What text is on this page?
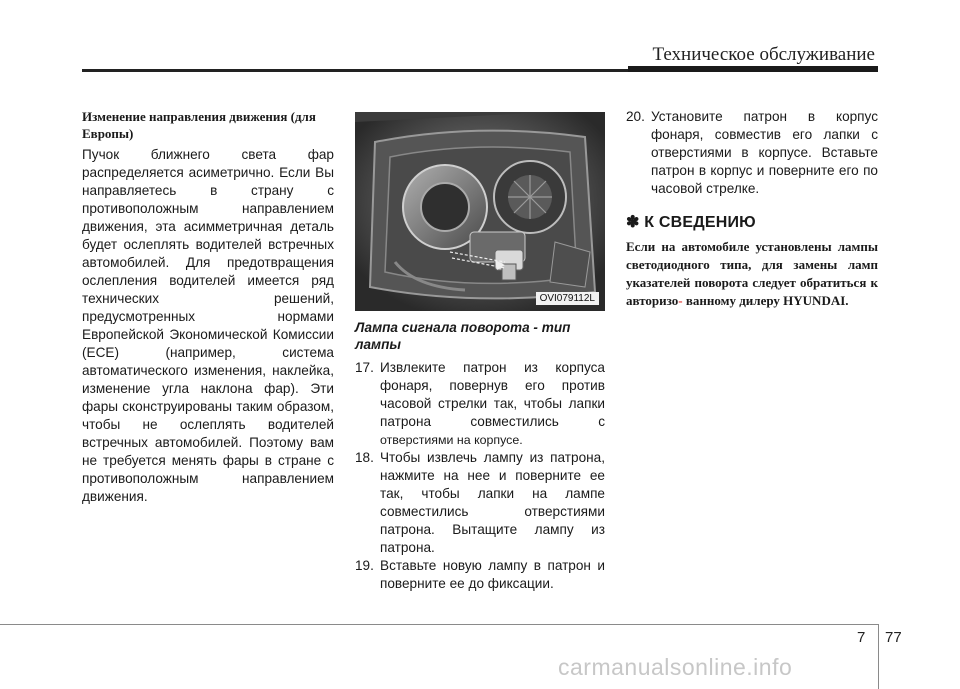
Техническое обслуживание

Изменение направления движения (для Европы)

Пучок ближнего света фар распределяется асиметрично. Если Вы направляетесь в страну с противоположным направлением движения, эта асимметричная деталь будет ослеплять водителей встречных автомобилей. Для предотвращения ослепления водителей имеется ряд технических решений, предусмотренных нормами Европейской Экономической Комиссии (ECE) (например, система автоматического изменения, наклейка, изменение угла наклона фар). Эти фары сконструированы таким образом, чтобы не ослеплять водителей встречных автомобилей. Поэтому вам не требуется менять фары в стране с противоположным направлением движения.

OVI079112L
Лампа сигнала поворота - тип лампы
17. Извлеките патрон из корпуса фонаря, повернув его против часовой стрелки так, чтобы лапки патрона совместились с отверстиями на корпусе.
18. Чтобы извлечь лампу из патрона, нажмите на нее и поверните ее так, чтобы лапки на лампе совместились отверстиями патрона. Вытащите лампу из патрона.
19. Вставьте новую лампу в патрон и поверните ее до фиксации.
20. Установите патрон в корпус фонаря, совместив его лапки с отверстиями в корпусе. Вставьте патрон в корпус и поверните его по часовой стрелке.
✽ К СВЕДЕНИЮ

Если на автомобиле установлены лампы светодиодного типа, для замены ламп указателей поворота следует обратиться к авторизо- ванному дилеру HYUNDAI.

7 77
carmanualsonline.info
